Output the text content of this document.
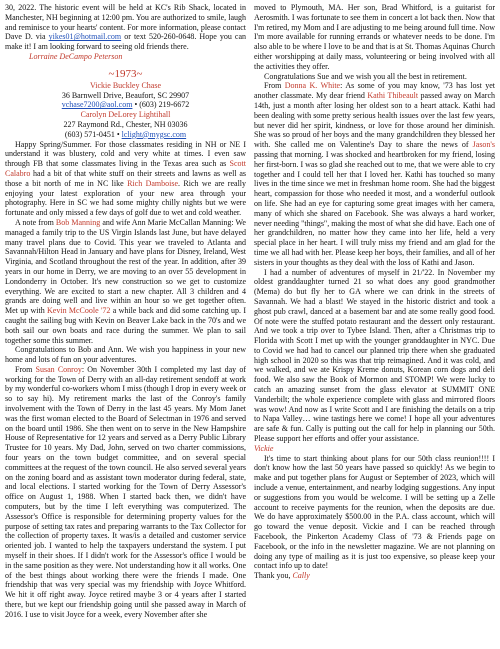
30, 2022. The historic event will be held at KC's Rib Shack, located in Manchester, NH beginning at 12:00 pm. You are authorized to smile, laugh and reminisce to your hearts' content. For more information, please contact Dave D. via yikes01@hotmail.com or text 520-260-0648. Hope you can make it! I am looking forward to seeing old friends there.

Lorraine DeCampo Peterson

~1973~
Vickie Buckley Chase
36 Barnwell Drive, Beaufort, SC 29907
vchase7200@aol.com • (603) 219-6672
Carolyn DeLorey Lightihall
227 Raymond Rd., Chester, NH 03036
(603) 571-0451 • lclight@mygsc.com

Happy Spring/Summer. For those classmates residing in NH or NE I understand it was blustery, cold and very white at times. I even saw through FB that some classmates living in the Texas area such as Scott Calabro had a bit of that white stuff on their streets and lawns as well as those a bit north of me in NC like Rich Damboise. Rich we are really enjoying your latest exploration of your new area through your photography. Here in SC we had some mighty chilly nights but we were fortunate and only missed a few days of golf due to wet and cold weather.

A note from Bob Manning and wife Ann Marie McCallan Manning: We managed a family trip to the US Virgin Islands last June, but have delayed many travel plans due to Covid. This year we traveled to Atlanta and Savannah/Hilton Head in January and have plans for Disney, Ireland, West Virginia, and Scotland throughout the rest of the year. In addition, after 39 years in our home in Derry, we are moving to an over 55 development in Londonderry in October. It's new construction so we get to customize everything. We are excited to start a new chapter. All 3 children and 4 grands are doing well and live within an hour so we get together often. Met up with Kevin McCoole '72 a while back and did some catching up. I caught the sailing bug with Kevin on Beaver Lake back in the 70's and we both sail our own boats and race during the summer. We plan to sail together some this summer.

Congratulations to Bob and Ann. We wish you happiness in your new home and lots of fun on your adventures.

From Susan Conroy: On November 30th I completed my last day of working for the Town of Derry with an all-day retirement sendoff at work by my wonderful co-workers whom I miss (though I drop in every week or so to say hi). My retirement marks the last of the Conroy's family involvement with the Town of Derry in the last 45 years. My Mom Janet was the first woman elected to the Board of Selectman in 1976 and served on the board until 1986. She then went on to serve in the New Hampshire House of Representative for 12 years and served as a Derry Public Library Trustee for 10 years. My Dad, John, served on two charter commissions, four years on the town budget committee, and on several special committees at the request of the town council. He also served several years on the zoning board and as assistant town moderator during federal, state, and local elections. I started working for the Town of Derry Assessor's office on August 1, 1988. When I started back then, we didn't have computers, but by the time I left everything was computerized. The Assessor's Office is responsible for determining property values for the purpose of setting tax rates and preparing warrants to the Tax Collector for the collection of property taxes. It was/is a detailed and customer service oriented job. I wanted to help the taxpayers understand the system. I put myself in their shoes. If I didn't work for the Assessor's office I would be in the same position as they were. Not understanding how it all works. One of the best things about working there were the friends I made. One friendship that was very special was my friendship with Joyce Whitford. We hit it off right away. Joyce retired maybe 3 or 4 years after I started there, but we kept our friendship going until she passed away in March of 2016. I use to visit Joyce for a week, every November after she

moved to Plymouth, MA. Her son, Brad Whitford, is a guitarist for Aerosmith. I was fortunate to see them in concert a lot back then. Now that I'm retired, my Mom and I are adjusting to me being around full time. Now I'm more available for running errands or whatever needs to be done. I'm also able to be where I love to be and that is at St. Thomas Aquinas Church either worshipping at daily mass, volunteering or being involved with all the activities they offer.

Congratulations Sue and we wish you all the best in retirement.

From Donna K. White: As some of you may know, '73 has lost yet another classmate. My dear friend Kathi Thibeault passed away on March 14th, just a month after losing her oldest son to a heart attack. Kathi had been dealing with some pretty serious health issues over the last few years, but never did her spirit, kindness, or love for those around her diminish. She was so proud of her boys and the many grandchildren they blessed her with. She called me on Valentine's Day to share the news of Jason's passing that morning. I was shocked and heartbroken for my friend, losing her first-born. I was so glad she reached out to me, that we were able to cry together and I could tell her that I loved her. Kathi has touched so many lives in the time since we met in freshman home room. She had the biggest heart, compassion for those who needed it most, and a wonderful outlook on life. She had an eye for capturing some great images with her camera, many of which she shared on Facebook. She was always a hard worker, never needing "things", making the most of what she did have. Each one of her grandchildren, no matter how they came into her life, held a very special place in her heart. I will truly miss my friend and am glad for the time we all had with her. Please keep her boys, their families, and all of her sisters in your thoughts as they deal with the loss of Kathi and Jason.

I had a number of adventures of myself in 21/'22. In November my oldest granddaughter turned 21 so what does any good grandmother (Mema) do but fly her to GA where we can drink in the streets of Savannah. We had a blast! We stayed in the historic district and took a ghost pub crawl, danced at a basement bar and ate some really good food. Of note were the stuffed potato restaurant and the dessert only restaurant. And we took a trip over to Tybee Island. Then, after a Christmas trip to Florida with Scott I met up with the younger granddaughter in NYC. Due to Covid we had had to cancel our planned trip there when she graduated high school in 2020 so this was that trip reimagined. And it was cold, and we walked, and we ate Krispy Kreme donuts, Korean corn dogs and deli food. We also saw the Book of Mormon and STOMP! We were lucky to catch an amazing sunset from the glass elevator at SUMMIT ONE Vanderbilt; the whole experience complete with glass and mirrored floors was wow! And now as I write Scott and I are finishing the details on a trip to Napa Valley… wine tastings here we come! I hope all your adventures are safe & fun. Cally is putting out the call for help in planning our 50th. Please support her efforts and offer your assistance.

Vickie

It's time to start thinking about plans for our 50th class reunion!!!! I don't know how the last 50 years have passed so quickly! As we begin to make and put together plans for August or September of 2023, which will include a venue, entertainment, and nearby lodging suggestions. Any input or suggestions from you would be welcome. I will be setting up a Zelle account to receive payments for the reunion, when the deposits are due. We do have approximately $500.00 in the P.A. class account, which will go toward the venue deposit. Vickie and I can be reached through Facebook, the Pinkerton Academy Class of '73 & Friends page on Facebook, or the info in the newsletter magazine. We are not planning on doing any type of mailing as it is just too expensive, so please keep your contact info up to date!

Thank you, Cally
